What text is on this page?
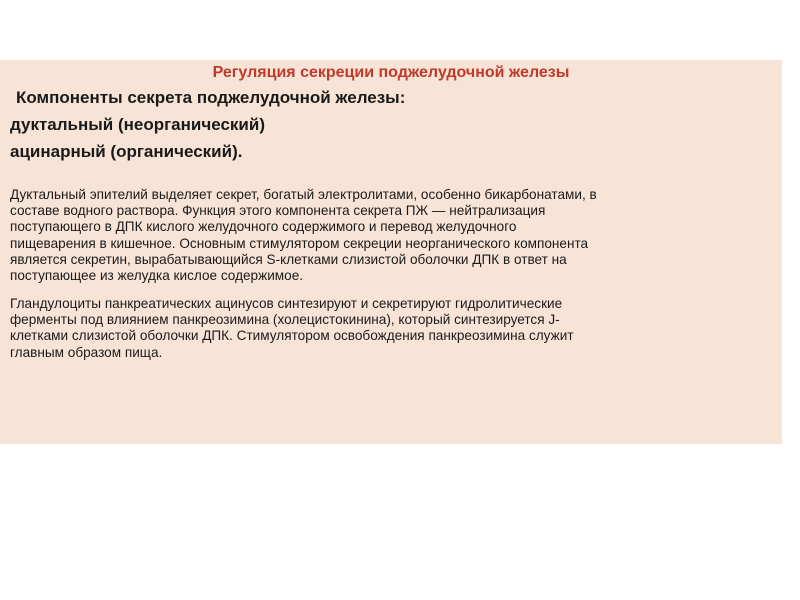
Регуляция секреции поджелудочной железы

Компоненты секрета поджелудочной железы:

дуктальный (неорганический)

ацинарный (органический).

Дуктальный эпителий выделяет секрет, богатый электролитами, особенно бикарбонатами, в
составе водного раствора. Функция этого компонента секрета ПЖ — нейтрализация
поступающего в ДПК кислого желудочного содержимого и перевод желудочного
пищеварения в кишечное. Основным стимулятором секреции неорганического компонента
является секретин, вырабатывающийся S-клетками слизистой оболочки ДПК в ответ на
поступающее из желудка кислое содержимое.

Гландулоциты панкреатических ацинусов синтезируют и секретируют гидролитические
ферменты под влиянием панкреозимина (холецистокинина), который синтезируется J-
клетками слизистой оболочки ДПК. Стимулятором освобождения панкреозимина служит
главным образом пища.
